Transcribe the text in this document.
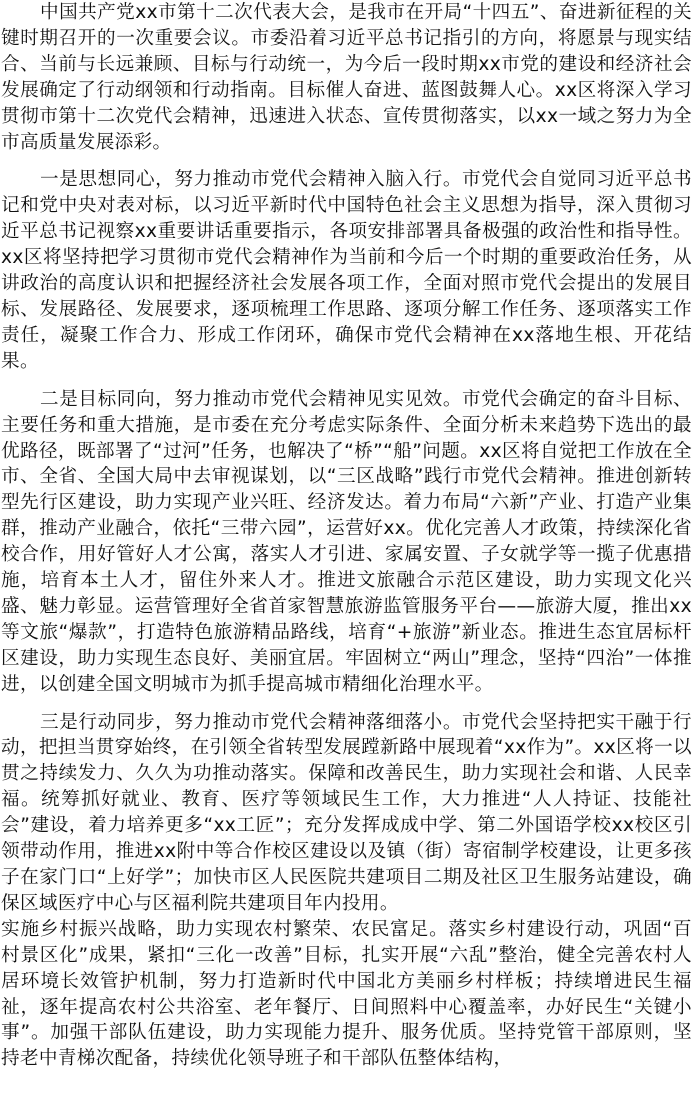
中国共产党xx市第十二次代表大会，是我市在开局“十四五”、奋进新征程的关键时期召开的一次重要会议。市委沿着习近平总书记指引的方向，将愿景与现实结合、当前与长远兼顾、目标与行动统一，为今后一段时期xx市党的建设和经济社会发展确定了行动纲领和行动指南。目标催人奋进、蓝图鼓舞人心。xx区将深入学习贯彻市第十二次党代会精神，迅速进入状态、宣传贯彻落实，以xx一域之努力为全市高质量发展添彩。

一是思想同心，努力推动市党代会精神入脑入行。市党代会自觉同习近平总书记和党中央对表对标，以习近平新时代中国特色社会主义思想为指导，深入贯彻习近平总书记视察xx重要讲话重要指示，各项安排部署具备极强的政治性和指导性。xx区将坚持把学习贯彻市党代会精神作为当前和今后一个时期的重要政治任务，从讲政治的高度认识和把握经济社会发展各项工作，全面对照市党代会提出的发展目标、发展路径、发展要求，逐项梳理工作思路、逐项分解工作任务、逐项落实工作责任，凝聚工作合力、形成工作闭环，确保市党代会精神在xx落地生根、开花结果。

二是目标同向，努力推动市党代会精神见实见效。市党代会确定的奋斗目标、主要任务和重大措施，是市委在充分考虑实际条件、全面分析未来趋势下选出的最优路径，既部署了“过河”任务，也解决了“桥”“船”问题。xx区将自觉把工作放在全市、全省、全国大局中去审视谋划，以“三区战略”践行市党代会精神。推进创新转型先行区建设，助力实现产业兴旺、经济发达。着力布局“六新”产业、打造产业集群，推动产业融合，依托“三带六园”，运营好xx。优化完善人才政策，持续深化省校合作，用好管好人才公寓，落实人才引进、家属安置、子女就学等一揽子优惠措施，培育本土人才，留住外来人才。推进文旅融合示范区建设，助力实现文化兴盛、魅力彰显。运营管理好全省首家智慧旅游监管服务平台——旅游大厦，推出xx等文旅“爆款”，打造特色旅游精品路线，培育“+旅游”新业态。推进生态宜居标杆区建设，助力实现生态良好、美丽宜居。牢固树立“两山”理念，坚持“四治”一体推进，以创建全国文明城市为抓手提高城市精细化治理水平。

三是行动同步，努力推动市党代会精神落细落小。市党代会坚持把实干融于行动，把担当贯穿始终，在引领全省转型发展蹚新路中展现着“xx作为”。xx区将一以贯之持续发力、久久为功推动落实。保障和改善民生，助力实现社会和谐、人民幸福。统筹抓好就业、教育、医疗等领域民生工作，大力推进“人人持证、技能社会”建设，着力培养更多“xx工匠”；充分发挥成成中学、第二外国语学校xx校区引领带动作用，推进xx附中等合作校区建设以及镇（街）寄宿制学校建设，让更多孩子在家门口“上好学”；加快市区人民医院共建项目二期及社区卫生服务站建设，确保区域医疗中心与区福利院共建项目年内投用。

实施乡村振兴战略，助力实现农村繁荣、农民富足。落实乡村建设行动，巩固“百村景区化”成果，紧扣“三化一改善”目标，扎实开展“六乱”整治，健全完善农村人居环境长效管护机制，努力打造新时代中国北方美丽乡村样板；持续增进民生福祉，逐年提高农村公共浴室、老年餐厅、日间照料中心覆盖率，办好民生“关键小事”。加强干部队伍建设，助力实现能力提升、服务优质。坚持党管干部原则，坚持老中青梯次配备，持续优化领导班子和干部队伍整体结构，
